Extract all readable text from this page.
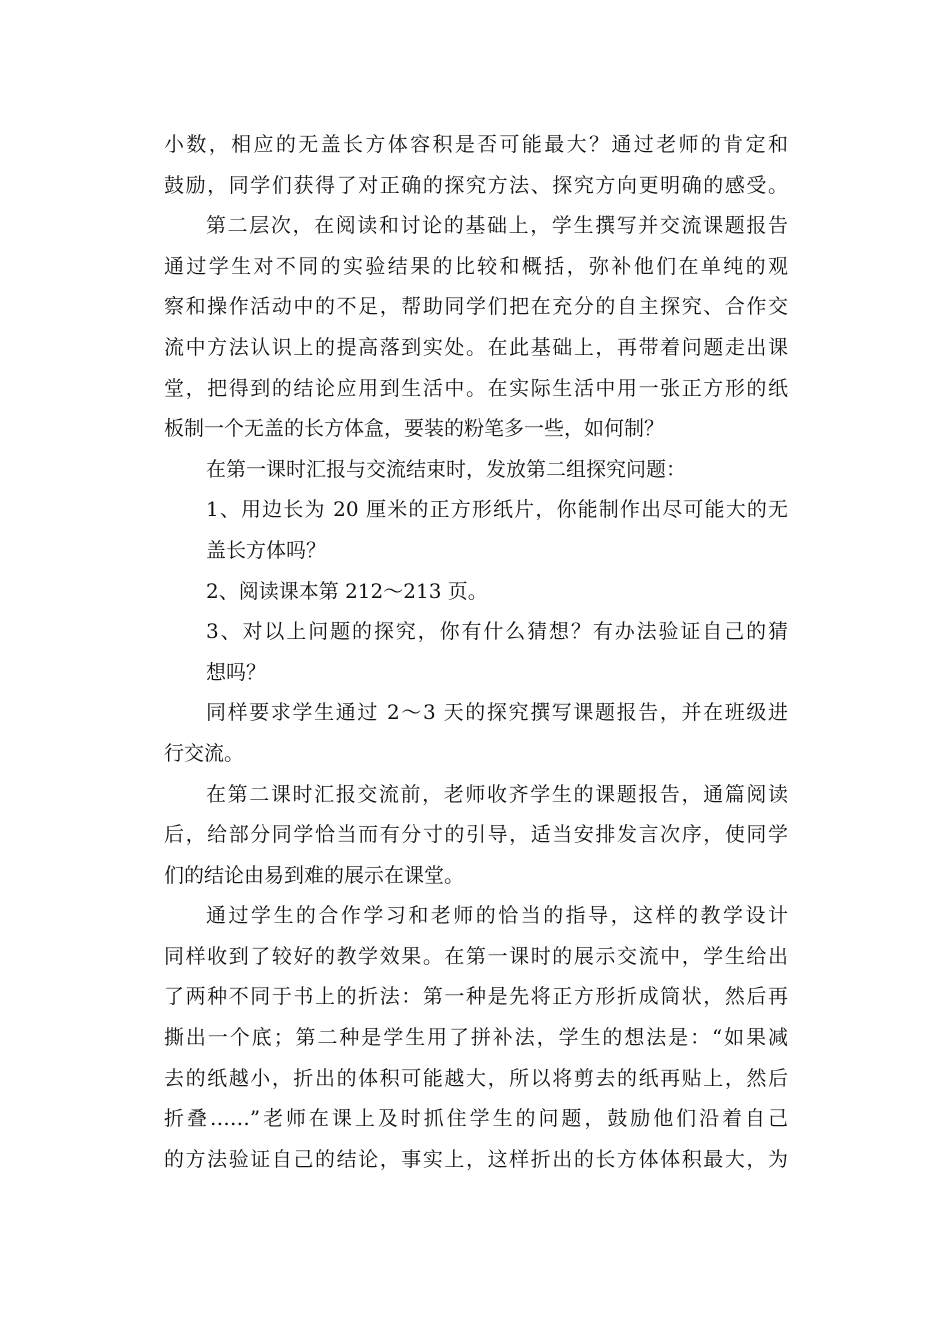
小数，相应的无盖长方体容积是否可能最大？通过老师的肯定和
鼓励，同学们获得了对正确的探究方法、探究方向更明确的感受。
第二层次，在阅读和讨论的基础上，学生撰写并交流课题报告
通过学生对不同的实验结果的比较和概括，弥补他们在单纯的观
察和操作活动中的不足，帮助同学们把在充分的自主探究、合作交
流中方法认识上的提高落到实处。在此基础上，再带着问题走出课
堂，把得到的结论应用到生活中。在实际生活中用一张正方形的纸
板制一个无盖的长方体盒，要装的粉笔多一些，如何制？
在第一课时汇报与交流结束时，发放第二组探究问题：
1、用边长为 20 厘米的正方形纸片，你能制作出尽可能大的无
盖长方体吗？
2、阅读课本第 212～213 页。
3、对以上问题的探究，你有什么猜想？有办法验证自己的猜
想吗？
同样要求学生通过 2～3 天的探究撰写课题报告，并在班级进
行交流。
在第二课时汇报交流前，老师收齐学生的课题报告，通篇阅读
后，给部分同学恰当而有分寸的引导，适当安排发言次序，使同学
们的结论由易到难的展示在课堂。
通过学生的合作学习和老师的恰当的指导，这样的教学设计
同样收到了较好的教学效果。在第一课时的展示交流中，学生给出
了两种不同于书上的折法：第一种是先将正方形折成筒状，然后再
撕出一个底；第二种是学生用了拼补法，学生的想法是：“如果减
去的纸越小，折出的体积可能越大，所以将剪去的纸再贴上，然后
折叠……”老师在课上及时抓住学生的问题，鼓励他们沿着自己
的方法验证自己的结论，事实上，这样折出的长方体体积最大，为
